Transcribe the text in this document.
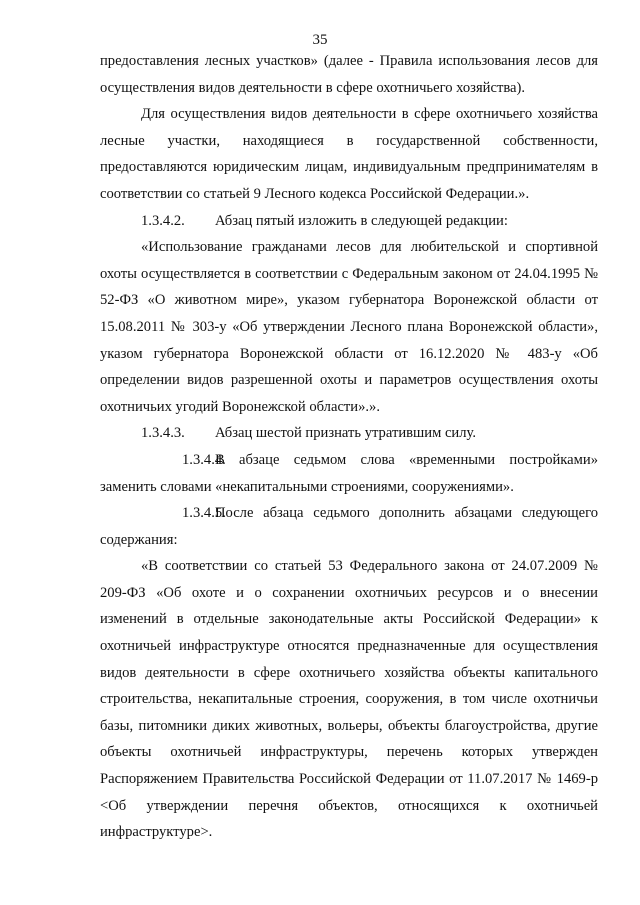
35

предоставления лесных участков» (далее - Правила использования лесов для осуществления видов деятельности в сфере охотничьего хозяйства).

Для осуществления видов деятельности в сфере охотничьего хозяйства лесные участки, находящиеся в государственной собственности, предоставляются юридическим лицам, индивидуальным предпринимателям в соответствии со статьей 9 Лесного кодекса Российской Федерации.».

1.3.4.2. Абзац пятый изложить в следующей редакции:

«Использование гражданами лесов для любительской и спортивной охоты осуществляется в соответствии с Федеральным законом от 24.04.1995 № 52-ФЗ «О животном мире», указом губернатора Воронежской области от 15.08.2011 № 303-у «Об утверждении Лесного плана Воронежской области», указом губернатора Воронежской области от 16.12.2020 № 483-у «Об определении видов разрешенной охоты и параметров осуществления охоты охотничьих угодий Воронежской области».».

1.3.4.3. Абзац шестой признать утратившим силу.

1.3.4.4.В абзаце седьмом слова «временными постройками» заменить словами «некапитальными строениями, сооружениями».

1.3.4.5.После абзаца седьмого дополнить абзацами следующего содержания:

«В соответствии со статьей 53 Федерального закона от 24.07.2009 № 209-ФЗ «Об охоте и о сохранении охотничьих ресурсов и о внесении изменений в отдельные законодательные акты Российской Федерации» к охотничьей инфраструктуре относятся предназначенные для осуществления видов деятельности в сфере охотничьего хозяйства объекты капитального строительства, некапитальные строения, сооружения, в том числе охотничьи базы, питомники диких животных, вольеры, объекты благоустройства, другие объекты охотничьей инфраструктуры, перечень которых утвержден Распоряжением Правительства Российской Федерации от 11.07.2017 № 1469-р <Об утверждении перечня объектов, относящихся к охотничьей инфраструктуре>.
